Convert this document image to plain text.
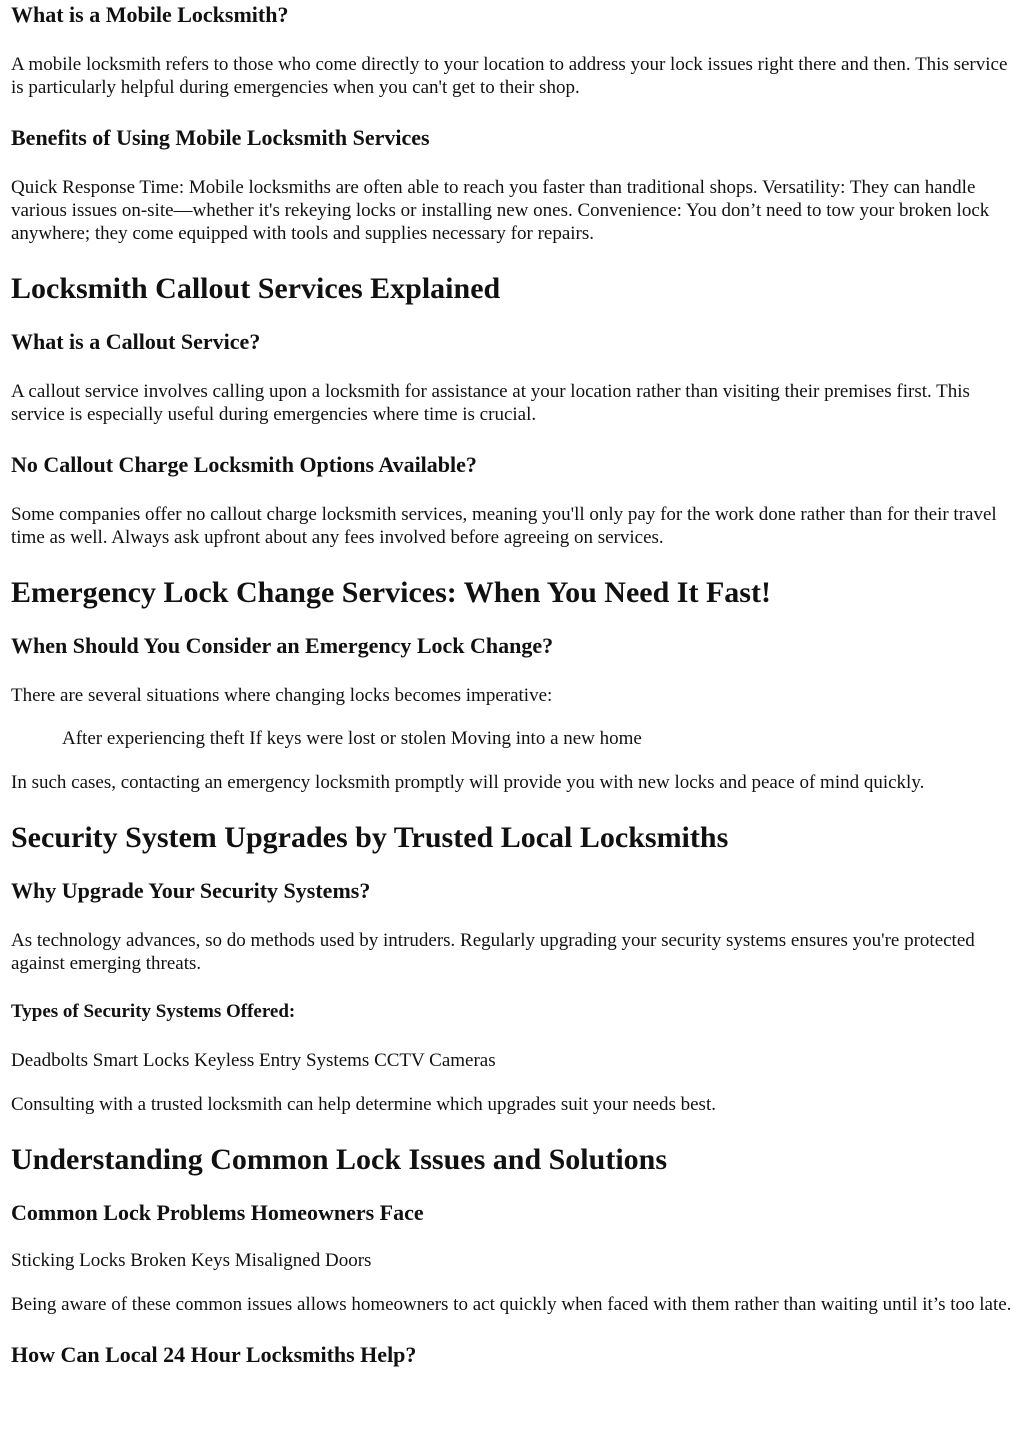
What is a Mobile Locksmith?

A mobile locksmith refers to those who come directly to your location to address your lock issues right there and then. This service is particularly helpful during emergencies when you can't get to their shop.

Benefits of Using Mobile Locksmith Services

Quick Response Time: Mobile locksmiths are often able to reach you faster than traditional shops. Versatility: They can handle various issues on-site—whether it's rekeying locks or installing new ones. Convenience: You don’t need to tow your broken lock anywhere; they come equipped with tools and supplies necessary for repairs.

Locksmith Callout Services Explained
What is a Callout Service?

A callout service involves calling upon a locksmith for assistance at your location rather than visiting their premises first. This service is especially useful during emergencies where time is crucial.

No Callout Charge Locksmith Options Available?

Some companies offer no callout charge locksmith services, meaning you'll only pay for the work done rather than for their travel time as well. Always ask upfront about any fees involved before agreeing on services.

Emergency Lock Change Services: When You Need It Fast!
When Should You Consider an Emergency Lock Change?

There are several situations where changing locks becomes imperative:

After experiencing theft If keys were lost or stolen Moving into a new home

In such cases, contacting an emergency locksmith promptly will provide you with new locks and peace of mind quickly.

Security System Upgrades by Trusted Local Locksmiths
Why Upgrade Your Security Systems?

As technology advances, so do methods used by intruders. Regularly upgrading your security systems ensures you're protected against emerging threats.

Types of Security Systems Offered:

Deadbolts Smart Locks Keyless Entry Systems CCTV Cameras

Consulting with a trusted locksmith can help determine which upgrades suit your needs best.

Understanding Common Lock Issues and Solutions
Common Lock Problems Homeowners Face

Sticking Locks Broken Keys Misaligned Doors

Being aware of these common issues allows homeowners to act quickly when faced with them rather than waiting until it’s too late.

How Can Local 24 Hour Locksmiths Help?
